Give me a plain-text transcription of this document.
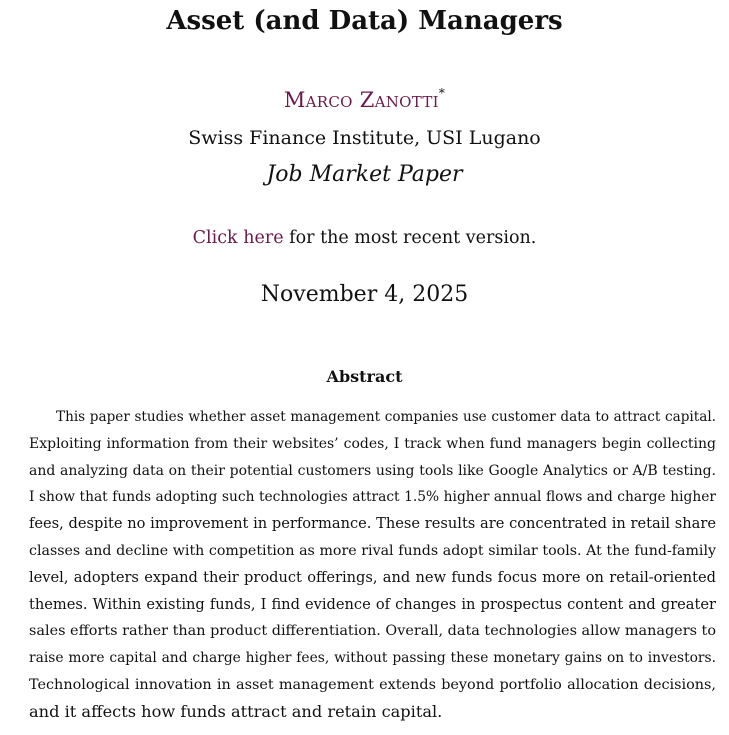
Asset (and Data) Managers
Marco Zanotti*
Swiss Finance Institute, USI Lugano
Job Market Paper
Click here for the most recent version.
November 4, 2025
Abstract

This paper studies whether asset management companies use customer data to attract capital.
Exploiting information from their websites’ codes, I track when fund managers begin collecting
and analyzing data on their potential customers using tools like Google Analytics or A/B testing.
I show that funds adopting such technologies attract 1.5% higher annual flows and charge higher
fees, despite no improvement in performance. These results are concentrated in retail share
classes and decline with competition as more rival funds adopt similar tools. At the fund-family
level, adopters expand their product offerings, and new funds focus more on retail-oriented
themes. Within existing funds, I find evidence of changes in prospectus content and greater
sales efforts rather than product differentiation. Overall, data technologies allow managers to
raise more capital and charge higher fees, without passing these monetary gains on to investors.
Technological innovation in asset management extends beyond portfolio allocation decisions,
and it affects how funds attract and retain capital.
